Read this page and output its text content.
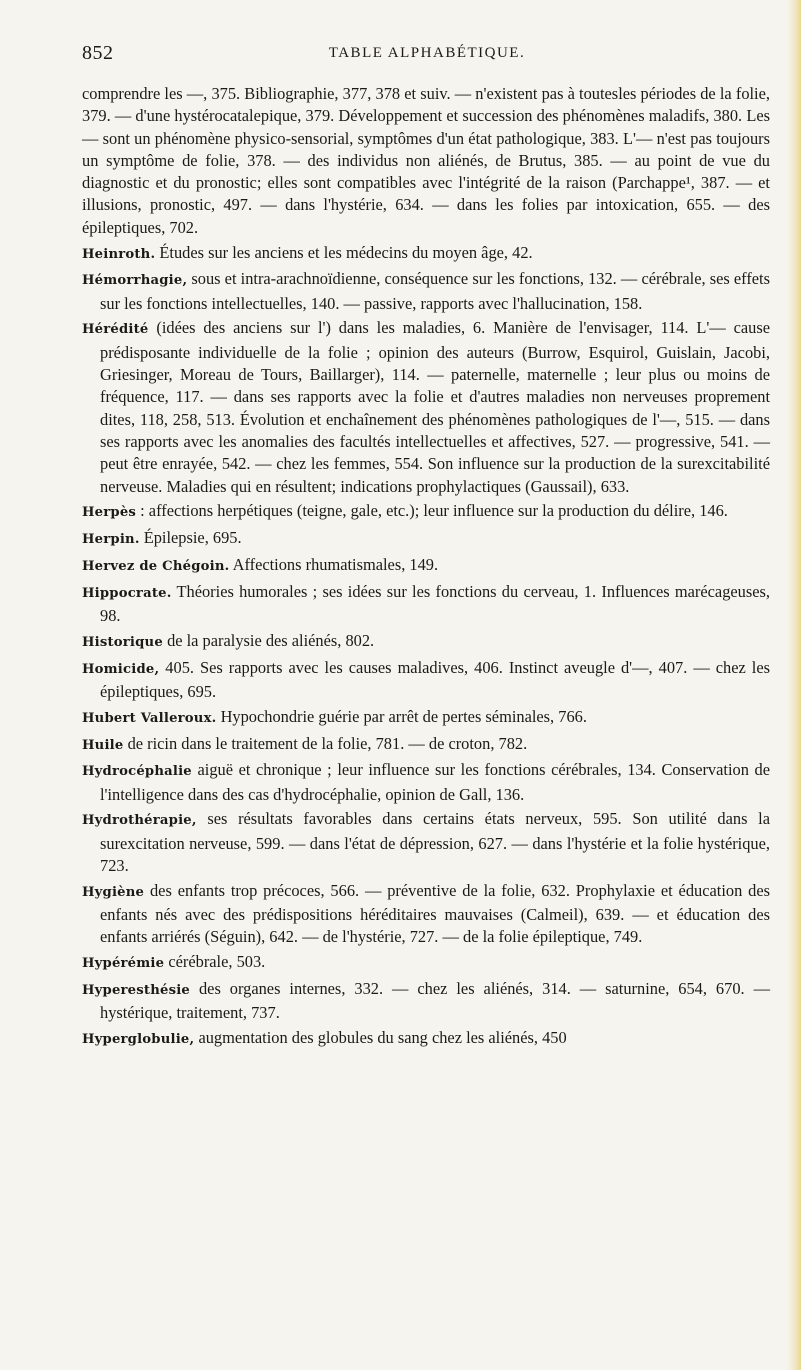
852	TABLE ALPHABÉTIQUE.

comprendre les —, 375. Bibliographie, 377, 378 et suiv. — n'existent pas à toutesles périodes de la folie, 379. — d'une hystérocatalepique, 379. Développement et succession des phénomènes maladifs, 380. Les — sont un phénomène physico-sensorial, symptômes d'un état pathologique, 383. L'— n'est pas toujours un symptôme de folie, 378. — des individus non aliénés, de Brutus, 385. — au point de vue du diagnostic et du pronostic; elles sont compatibles avec l'intégrité de la raison (Parchappe¹, 387. — et illusions, pronostic, 497. — dans l'hystérie, 634. — dans les folies par intoxication, 655. — des épileptiques, 702.

Heinroth. Études sur les anciens et les médecins du moyen âge, 42.

Hémorrhagie, sous et intra-arachnoïdienne, conséquence sur les fonctions, 132. — cérébrale, ses effets sur les fonctions intellectuelles, 140. — passive, rapports avec l'hallucination, 158.

Hérédité (idées des anciens sur l') dans les maladies, 6. Manière de l'envisager, 114. L'— cause prédisposante individuelle de la folie ; opinion des auteurs (Burrow, Esquirol, Guislain, Jacobi, Griesinger, Moreau de Tours, Baillarger), 114. — paternelle, maternelle ; leur plus ou moins de fréquence, 117. — dans ses rapports avec la folie et d'autres maladies non nerveuses proprement dites, 118, 258, 513. Évolution et enchaînement des phénomènes pathologiques de l'—, 515. — dans ses rapports avec les anomalies des facultés intellectuelles et affectives, 527. — progressive, 541. — peut être enrayée, 542. — chez les femmes, 554. Son influence sur la production de la surexcitabilité nerveuse. Maladies qui en résultent; indications prophylactiques (Gaussail), 633.

Herpès : affections herpétiques (teigne, gale, etc.); leur influence sur la production du délire, 146.

Herpin. Épilepsie, 695.

Hervez de Chégoin. Affections rhumatismales, 149.

Hippocrate. Théories humorales ; ses idées sur les fonctions du cerveau, 1. Influences marécageuses, 98.

Historique de la paralysie des aliénés, 802.

Homicide, 405. Ses rapports avec les causes maladives, 406. Instinct aveugle d'—, 407. — chez les épileptiques, 695.

Hubert Valleroux. Hypochondrie guérie par arrêt de pertes séminales, 766.

Huile de ricin dans le traitement de la folie, 781. — de croton, 782.

Hydrocéphalie aiguë et chronique ; leur influence sur les fonctions cérébrales, 134. Conservation de l'intelligence dans des cas d'hydrocéphalie, opinion de Gall, 136.

Hydrothérapie, ses résultats favorables dans certains états nerveux, 595. Son utilité dans la surexcitation nerveuse, 599. — dans l'état de dépression, 627. — dans l'hystérie et la folie hystérique, 723.

Hygiène des enfants trop précoces, 566. — préventive de la folie, 632. Prophylaxie et éducation des enfants nés avec des prédispositions héréditaires mauvaises (Calmeil), 639. — et éducation des enfants arriérés (Séguin), 642. — de l'hystérie, 727. — de la folie épileptique, 749.

Hypérémie cérébrale, 503.

Hyperesthésie des organes internes, 332. — chez les aliénés, 314. — saturnine, 654, 670. — hystérique, traitement, 737.

Hyperglobulie, augmentation des globules du sang chez les aliénés, 450
